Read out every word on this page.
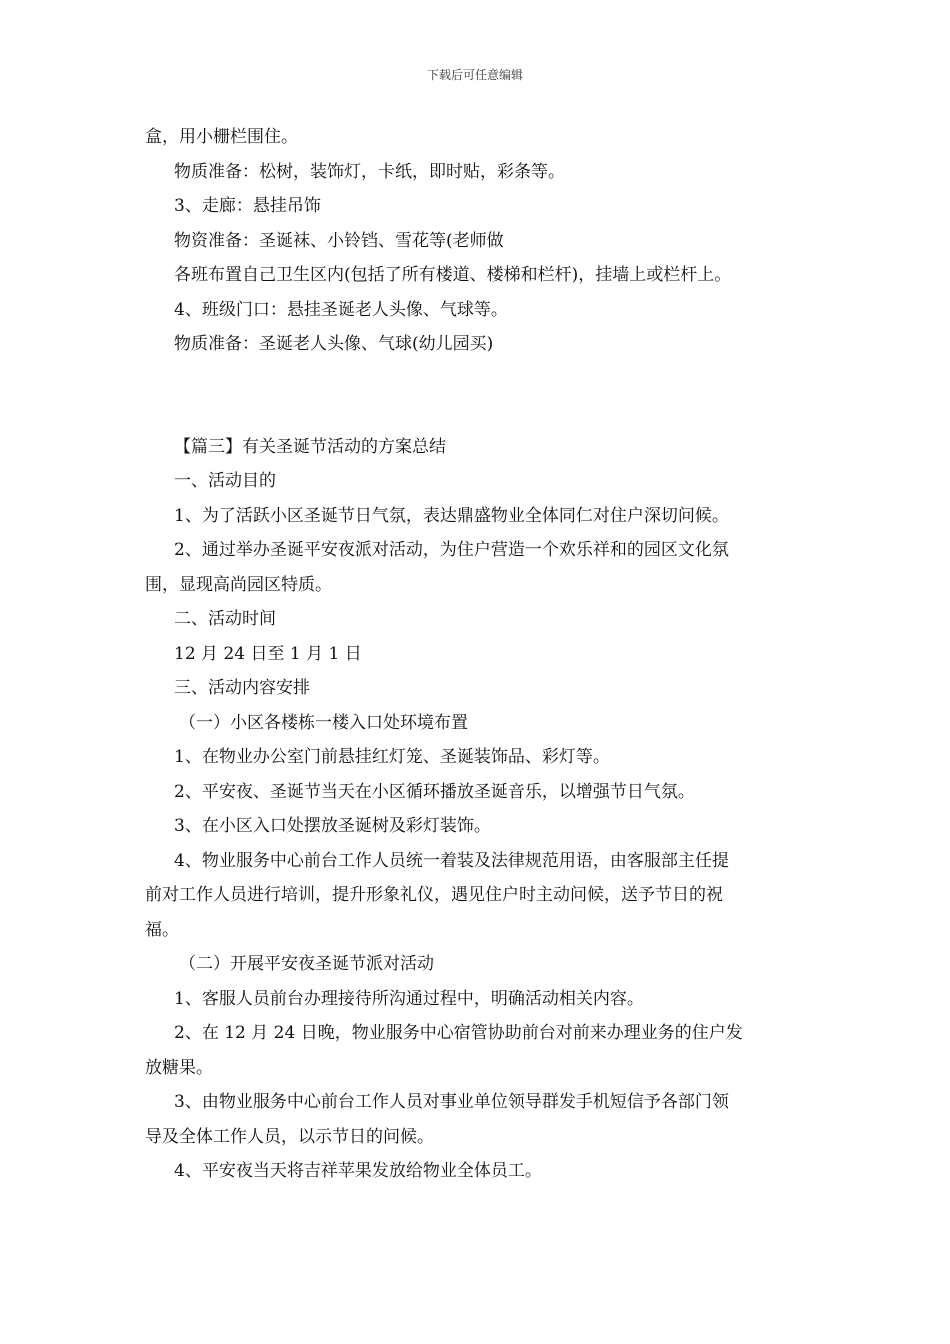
下载后可任意编辑
盒，用小栅栏围住。
物质准备：松树，装饰灯，卡纸，即时贴，彩条等。
3、走廊：悬挂吊饰
物资准备：圣诞袜、小铃铛、雪花等(老师做
各班布置自己卫生区内(包括了所有楼道、楼梯和栏杆)，挂墙上或栏杆上。
4、班级门口：悬挂圣诞老人头像、气球等。
物质准备：圣诞老人头像、气球(幼儿园买)
【篇三】有关圣诞节活动的方案总结
一、活动目的
1、为了活跃小区圣诞节日气氛，表达鼎盛物业全体同仁对住户深切问候。
2、通过举办圣诞平安夜派对活动，为住户营造一个欢乐祥和的园区文化氛
围，显现高尚园区特质。
二、活动时间
12 月 24 日至 1 月 1 日
三、活动内容安排
（一）小区各楼栋一楼入口处环境布置
1、在物业办公室门前悬挂红灯笼、圣诞装饰品、彩灯等。
2、平安夜、圣诞节当天在小区循环播放圣诞音乐，以增强节日气氛。
3、在小区入口处摆放圣诞树及彩灯装饰。
4、物业服务中心前台工作人员统一着装及法律规范用语，由客服部主任提
前对工作人员进行培训，提升形象礼仪，遇见住户时主动问候，送予节日的祝
福。
（二）开展平安夜圣诞节派对活动
1、客服人员前台办理接待所沟通过程中，明确活动相关内容。
2、在 12 月 24 日晚，物业服务中心宿管协助前台对前来办理业务的住户发
放糖果。
3、由物业服务中心前台工作人员对事业单位领导群发手机短信予各部门领
导及全体工作人员，以示节日的问候。
4、平安夜当天将吉祥苹果发放给物业全体员工。
